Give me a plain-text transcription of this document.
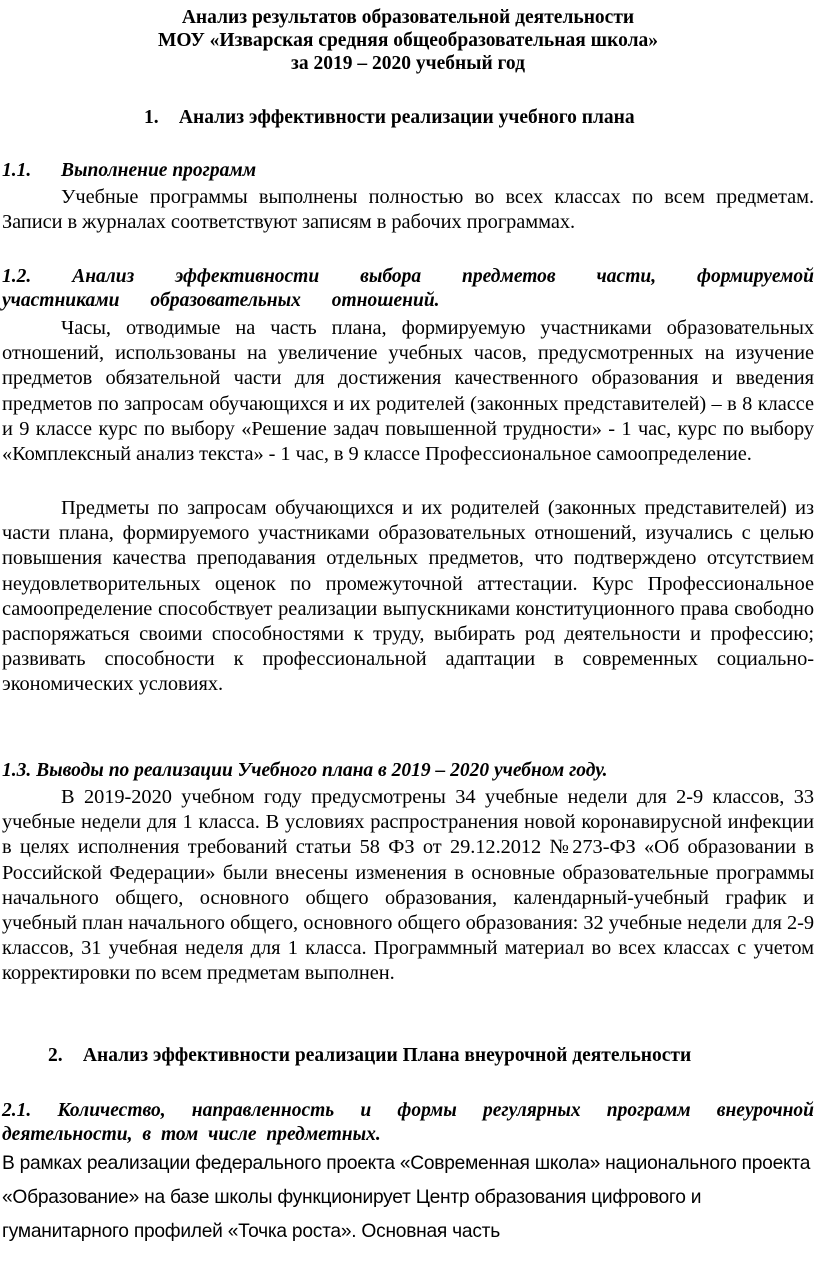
Анализ результатов образовательной деятельности
МОУ «Изварская средняя общеобразовательная школа»
за 2019 – 2020 учебный год

1. Анализ эффективности реализации учебного плана

1.1. Выполнение программ

Учебные программы выполнены полностью во всех классах по всем предметам. Записи в журналах соответствуют записям в рабочих программах.

1.2. Анализ эффективности выбора предметов части, формируемой участниками образовательных отношений.

Часы, отводимые на часть плана, формируемую участниками образовательных отношений, использованы на увеличение учебных часов, предусмотренных на изучение предметов обязательной части для достижения качественного образования и введения предметов по запросам обучающихся и их родителей (законных представителей) – в 8 классе и 9 классе курс по выбору «Решение задач повышенной трудности» - 1 час, курс по выбору «Комплексный анализ текста» - 1 час, в 9 классе Профессиональное самоопределение.

Предметы по запросам обучающихся и их родителей (законных представителей) из части плана, формируемого участниками образовательных отношений, изучались с целью повышения качества преподавания отдельных предметов, что подтверждено отсутствием неудовлетворительных оценок по промежуточной аттестации. Курс Профессиональное самоопределение способствует реализации выпускниками конституционного права свободно распоряжаться своими способностями к труду, выбирать род деятельности и профессию; развивать способности к профессиональной адаптации в современных социально-экономических условиях.

1.3. Выводы по реализации Учебного плана в 2019 – 2020 учебном году.

В 2019-2020 учебном году предусмотрены 34 учебные недели для 2-9 классов, 33 учебные недели для 1 класса. В условиях распространения новой коронавирусной инфекции в целях исполнения требований статьи 58 ФЗ от 29.12.2012 №273-ФЗ «Об образовании в Российской Федерации» были внесены изменения в основные образовательные программы начального общего, основного общего образования, календарный-учебный график и учебный план начального общего, основного общего образования: 32 учебные недели для 2-9 классов, 31 учебная неделя для 1 класса. Программный материал во всех классах с учетом корректировки по всем предметам выполнен.

2. Анализ эффективности реализации Плана внеурочной деятельности

2.1. Количество, направленность и формы регулярных программ внеурочной деятельности, в том числе предметных.

В рамках реализации федерального проекта «Современная школа» национального проекта «Образование» на базе школы функционирует Центр образования цифрового и гуманитарного профилей «Точка роста». Основная часть
